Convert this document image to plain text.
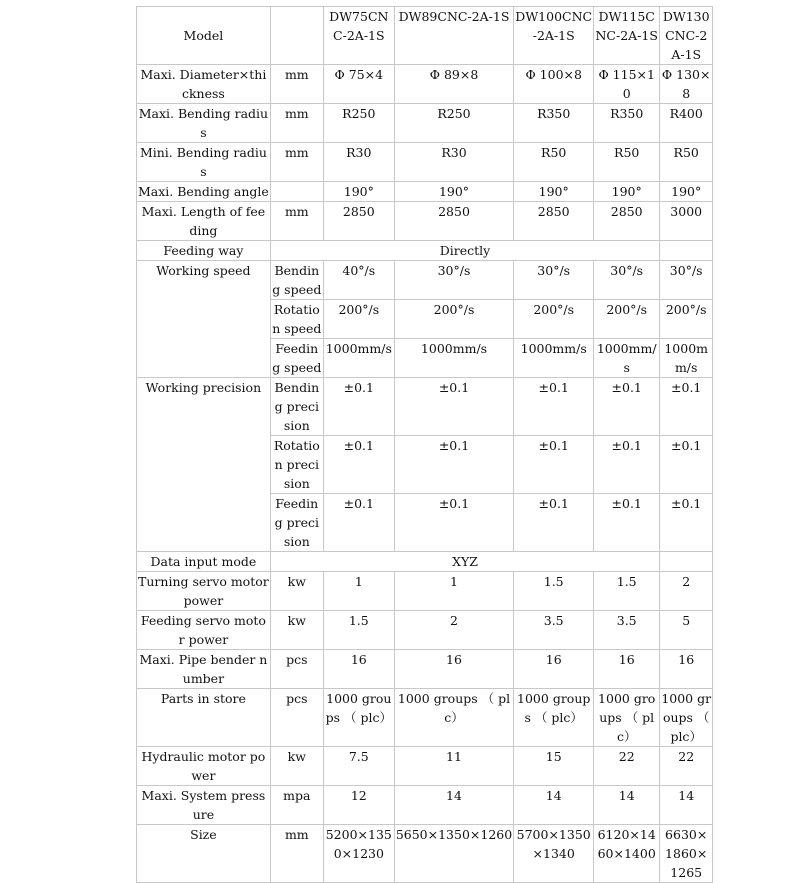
Model		DW75CNC-2A-1S	DW89CNC-2A-1S	DW100CNC-2A-1S	DW115CNC-2A-1S	DW130CNC-2A-1S
Maxi. Diameter×thickness	mm	Φ 75×4	Φ 89×8	Φ 100×8	Φ 115×10	Φ 130×8
Maxi. Bending radius	mm	R250	R250	R350	R350	R400
Mini. Bending radius	mm	R30	R30	R50	R50	R50
Maxi. Bending angle		190°	190°	190°	190°	190°
Maxi. Length of feeding	mm	2850	2850	2850	2850	3000
Feeding way	Directly					
Working speed	Bending speed	40°/s	30°/s	30°/s	30°/s	30°/s
	Rotation speed	200°/s	200°/s	200°/s	200°/s	200°/s
	Feeding speed	1000mm/s	1000mm/s	1000mm/s	1000mm/s	1000mm/s
Working precision	Bending precision	±0.1	±0.1	±0.1	±0.1	±0.1
	Rotation precision	±0.1	±0.1	±0.1	±0.1	±0.1
	Feeding precision	±0.1	±0.1	±0.1	±0.1	±0.1
Data input mode	XYZ					
Turning servo motor power	kw	1	1	1.5	1.5	2
Feeding servo motor power	kw	1.5	2	3.5	3.5	5
Maxi. Pipe bender number	pcs	16	16	16	16	16
Parts in store	pcs	1000 groups （ plc）	1000 groups （ plc）	1000 groups （ plc）	1000 groups （ plc）	1000 groups （ plc）
Hydraulic motor power	kw	7.5	11	15	22	22
Maxi. System pressure	mpa	12	14	14	14	14
Size	mm	5200×1350×1230	5650×1350×1260	5700×1350×1340	6120×1460×1400	6630×1860×1265
